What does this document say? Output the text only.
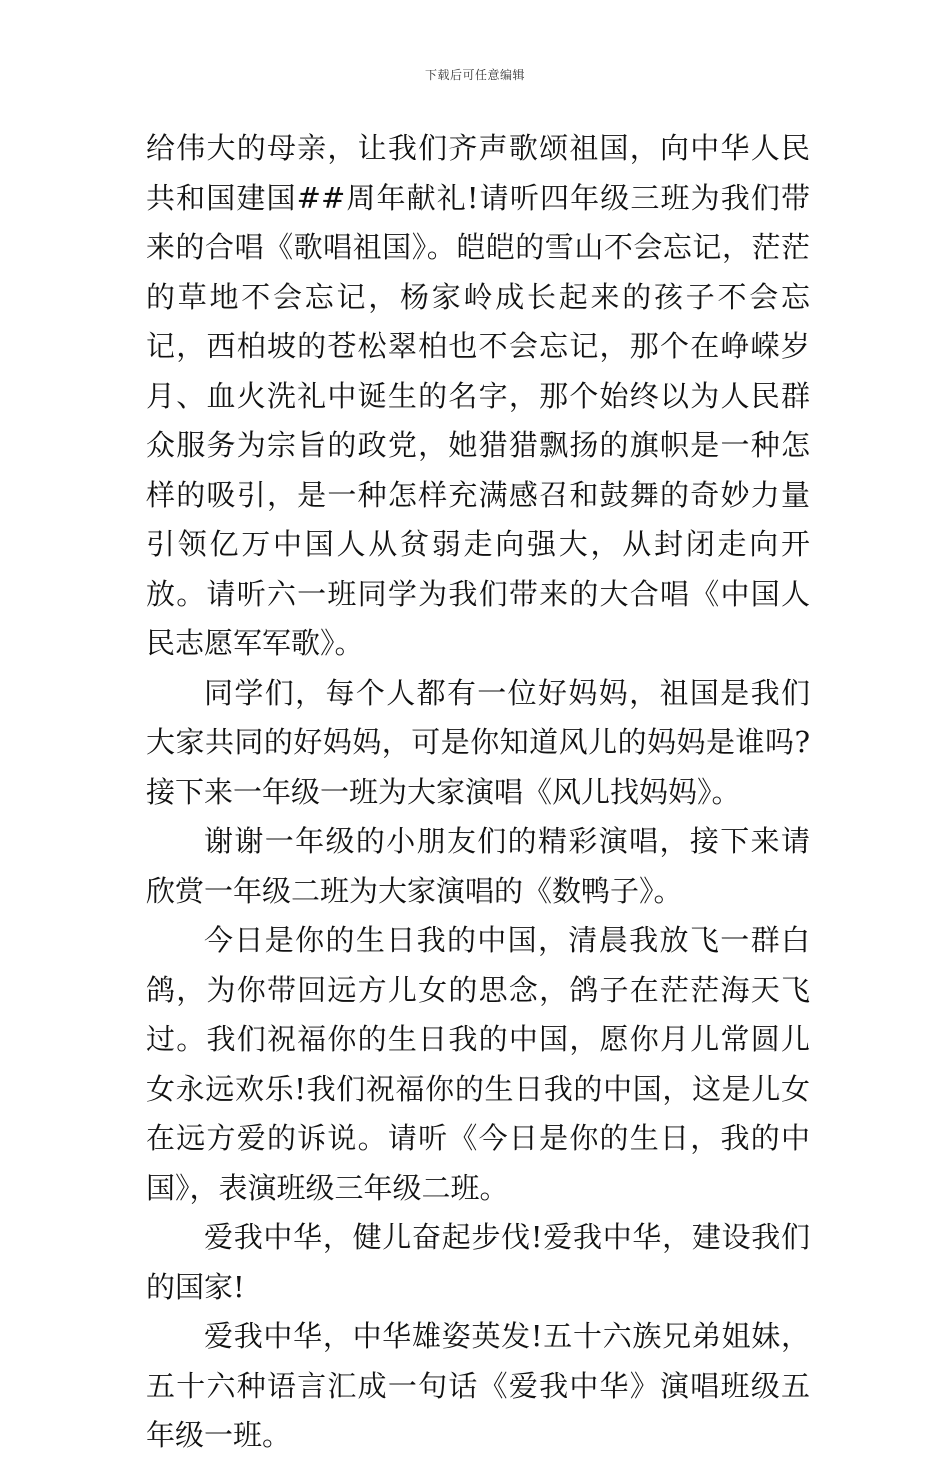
下载后可任意编辑

给伟大的母亲，让我们齐声歌颂祖国，向中华人民共和国建国##周年献礼!请听四年级三班为我们带来的合唱《歌唱祖国》。皑皑的雪山不会忘记，茫茫的草地不会忘记，杨家岭成长起来的孩子不会忘记，西柏坡的苍松翠柏也不会忘记，那个在峥嵘岁月、血火洗礼中诞生的名字，那个始终以为人民群众服务为宗旨的政党，她猎猎飘扬的旗帜是一种怎样的吸引，是一种怎样充满感召和鼓舞的奇妙力量引领亿万中国人从贫弱走向强大，从封闭走向开放。请听六一班同学为我们带来的大合唱《中国人民志愿军军歌》。

同学们，每个人都有一位好妈妈，祖国是我们大家共同的好妈妈，可是你知道风儿的妈妈是谁吗?接下来一年级一班为大家演唱《风儿找妈妈》。

谢谢一年级的小朋友们的精彩演唱，接下来请欣赏一年级二班为大家演唱的《数鸭子》。

今日是你的生日我的中国，清晨我放飞一群白鸽，为你带回远方儿女的思念，鸽子在茫茫海天飞过。我们祝福你的生日我的中国，愿你月儿常圆儿女永远欢乐!我们祝福你的生日我的中国，这是儿女在远方爱的诉说。请听《今日是你的生日，我的中国》，表演班级三年级二班。

爱我中华，健儿奋起步伐!爱我中华，建设我们的国家!

爱我中华，中华雄姿英发!五十六族兄弟姐妹，五十六种语言汇成一句话《爱我中华》演唱班级五年级一班。
